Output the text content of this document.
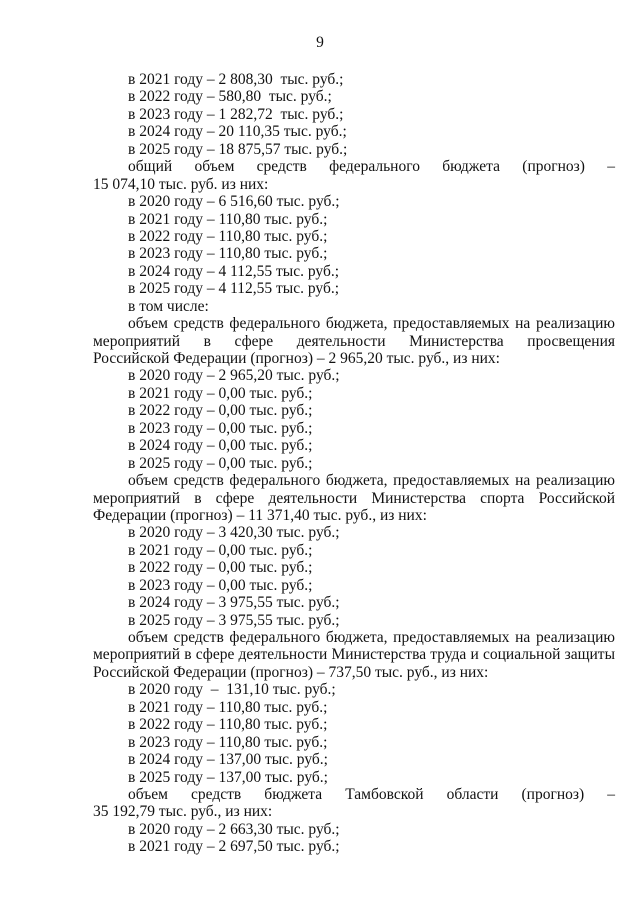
9
в 2021 году – 2 808,30  тыс. руб.;
в 2022 году – 580,80  тыс. руб.;
в 2023 году – 1 282,72  тыс. руб.;
в 2024 году – 20 110,35 тыс. руб.;
в 2025 году – 18 875,57 тыс. руб.;
общий объем средств федерального бюджета (прогноз) –
15 074,10 тыс. руб. из них:
в 2020 году – 6 516,60 тыс. руб.;
в 2021 году – 110,80 тыс. руб.;
в 2022 году – 110,80 тыс. руб.;
в 2023 году – 110,80 тыс. руб.;
в 2024 году – 4 112,55 тыс. руб.;
в 2025 году – 4 112,55 тыс. руб.;
в том числе:
объем средств федерального бюджета, предоставляемых на реализацию
мероприятий в сфере деятельности Министерства просвещения
Российской Федерации (прогноз) – 2 965,20 тыс. руб., из них:
в 2020 году – 2 965,20 тыс. руб.;
в 2021 году – 0,00 тыс. руб.;
в 2022 году – 0,00 тыс. руб.;
в 2023 году – 0,00 тыс. руб.;
в 2024 году – 0,00 тыс. руб.;
в 2025 году – 0,00 тыс. руб.;
объем средств федерального бюджета, предоставляемых на реализацию
мероприятий в сфере деятельности Министерства спорта Российской
Федерации (прогноз) – 11 371,40 тыс. руб., из них:
в 2020 году – 3 420,30 тыс. руб.;
в 2021 году – 0,00 тыс. руб.;
в 2022 году – 0,00 тыс. руб.;
в 2023 году – 0,00 тыс. руб.;
в 2024 году – 3 975,55 тыс. руб.;
в 2025 году – 3 975,55 тыс. руб.;
объем средств федерального бюджета, предоставляемых на реализацию
мероприятий в сфере деятельности Министерства труда и социальной защиты
Российской Федерации (прогноз) – 737,50 тыс. руб., из них:
в 2020 году  –  131,10 тыс. руб.;
в 2021 году – 110,80 тыс. руб.;
в 2022 году – 110,80 тыс. руб.;
в 2023 году – 110,80 тыс. руб.;
в 2024 году – 137,00 тыс. руб.;
в 2025 году – 137,00 тыс. руб.;
объем средств бюджета Тамбовской области (прогноз) –
35 192,79 тыс. руб., из них:
в 2020 году – 2 663,30 тыс. руб.;
в 2021 году – 2 697,50 тыс. руб.;
